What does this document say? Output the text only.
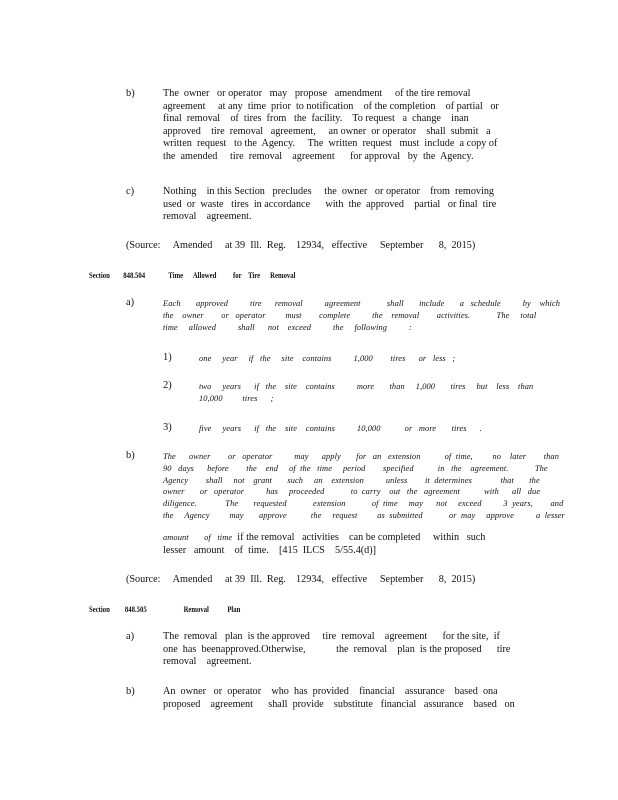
b)	The  owner   or operator   may   propose   amendment     of the tire removal
agreement     at any  time  prior  to notification    of the completion    of partial   or
final  removal    of  tires  from   the  facility.    To request   a  change    inan
approved    tire  removal   agreement,     an owner  or operator    shall  submit   a
written  request   to the  Agency.     The  written  request   must  include  a copy of
the  amended     tire  removal    agreement      for approval   by  the  Agency.
c)	Nothing    in this Section   precludes     the  owner   or operator    from  removing
used  or  waste   tires  in accordance      with  the  approved    partial   or final  tire
removal    agreement.
(Source:     Amended     at 39  Ill.  Reg.    12934,   effective     September      8,  2015)
Section        848.504              Time      Allowed          for    Tire      Removal
a)	Each       approved          tire      removal          agreement            shall       include       a   schedule          by    which
the    owner        or   operator         must        complete          the    removal        activities.            The     total
time     allowed          shall      not    exceed          the     following          :
1)	one     year     if   the     site    contains          1,000        tires      or   less   ;
2)	two     years      if   the    site    contains          more       than     1,000       tires     but    less    than
10,000         tires      ;
3)	five     years      if   the    site    contains          10,000           or   more       tires      .
b)	The      owner        or   operator          may      apply       for   an   extension           of  time,         no    later        than
90   days      before        the    end     of  the   time     period        specified           in   the    agreement.            The
Agency        shall     not    grant       such     an    extension          unless        it  determines             that       the
owner       or   operator          has     proceeded            to  carry    out   the   agreement           with      all   due
diligence.             The       requested            extension            of  time     may      not     exceed          3  years,        and
the     Agency         may       approve           the     request         as  submitted            or  may     approve          a  lesser
amount       of   time  if the removal   activities    can be completed     within   such
lesser   amount    of  time.    [415  ILCS    5/55.4(d)]
(Source:     Amended     at 39  Ill.  Reg.    12934,   effective     September      8,  2015)
Section         848.505                      Removal           Plan
a)	The  removal   plan  is the approved     tire  removal    agreement      for the site,  if
one  has  beenapproved.Otherwise,            the  removal    plan  is the proposed      tire
removal    agreement.
b)	An  owner   or  operator    who  has  provided    financial    assurance    based  ona
proposed    agreement      shall  provide    substitute   financial   assurance    based   on
